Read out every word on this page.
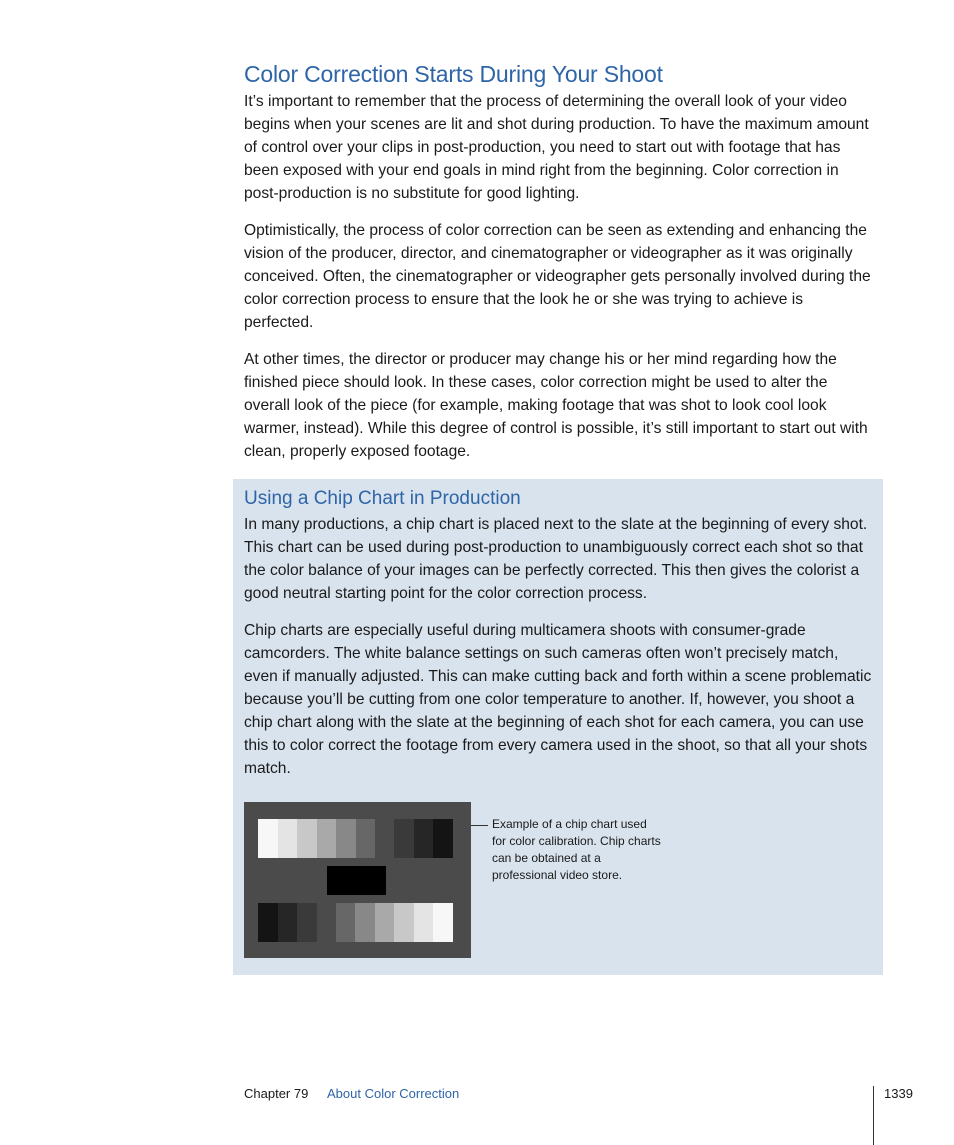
Color Correction Starts During Your Shoot

It’s important to remember that the process of determining the overall look of your video begins when your scenes are lit and shot during production. To have the maximum amount of control over your clips in post-production, you need to start out with footage that has been exposed with your end goals in mind right from the beginning. Color correction in post-production is no substitute for good lighting.

Optimistically, the process of color correction can be seen as extending and enhancing the vision of the producer, director, and cinematographer or videographer as it was originally conceived. Often, the cinematographer or videographer gets personally involved during the color correction process to ensure that the look he or she was trying to achieve is perfected.

At other times, the director or producer may change his or her mind regarding how the finished piece should look. In these cases, color correction might be used to alter the overall look of the piece (for example, making footage that was shot to look cool look warmer, instead). While this degree of control is possible, it’s still important to start out with clean, properly exposed footage.

Using a Chip Chart in Production

In many productions, a chip chart is placed next to the slate at the beginning of every shot. This chart can be used during post-production to unambiguously correct each shot so that the color balance of your images can be perfectly corrected. This then gives the colorist a good neutral starting point for the color correction process.

Chip charts are especially useful during multicamera shoots with consumer-grade camcorders. The white balance settings on such cameras often won’t precisely match, even if manually adjusted. This can make cutting back and forth within a scene problematic because you’ll be cutting from one color temperature to another. If, however, you shoot a chip chart along with the slate at the beginning of each shot for each camera, you can use this to color correct the footage from every camera used in the shoot, so that all your shots match.

Example of a chip chart used for color calibration. Chip charts can be obtained at a professional video store.

Chapter 79 About Color Correction	1339
